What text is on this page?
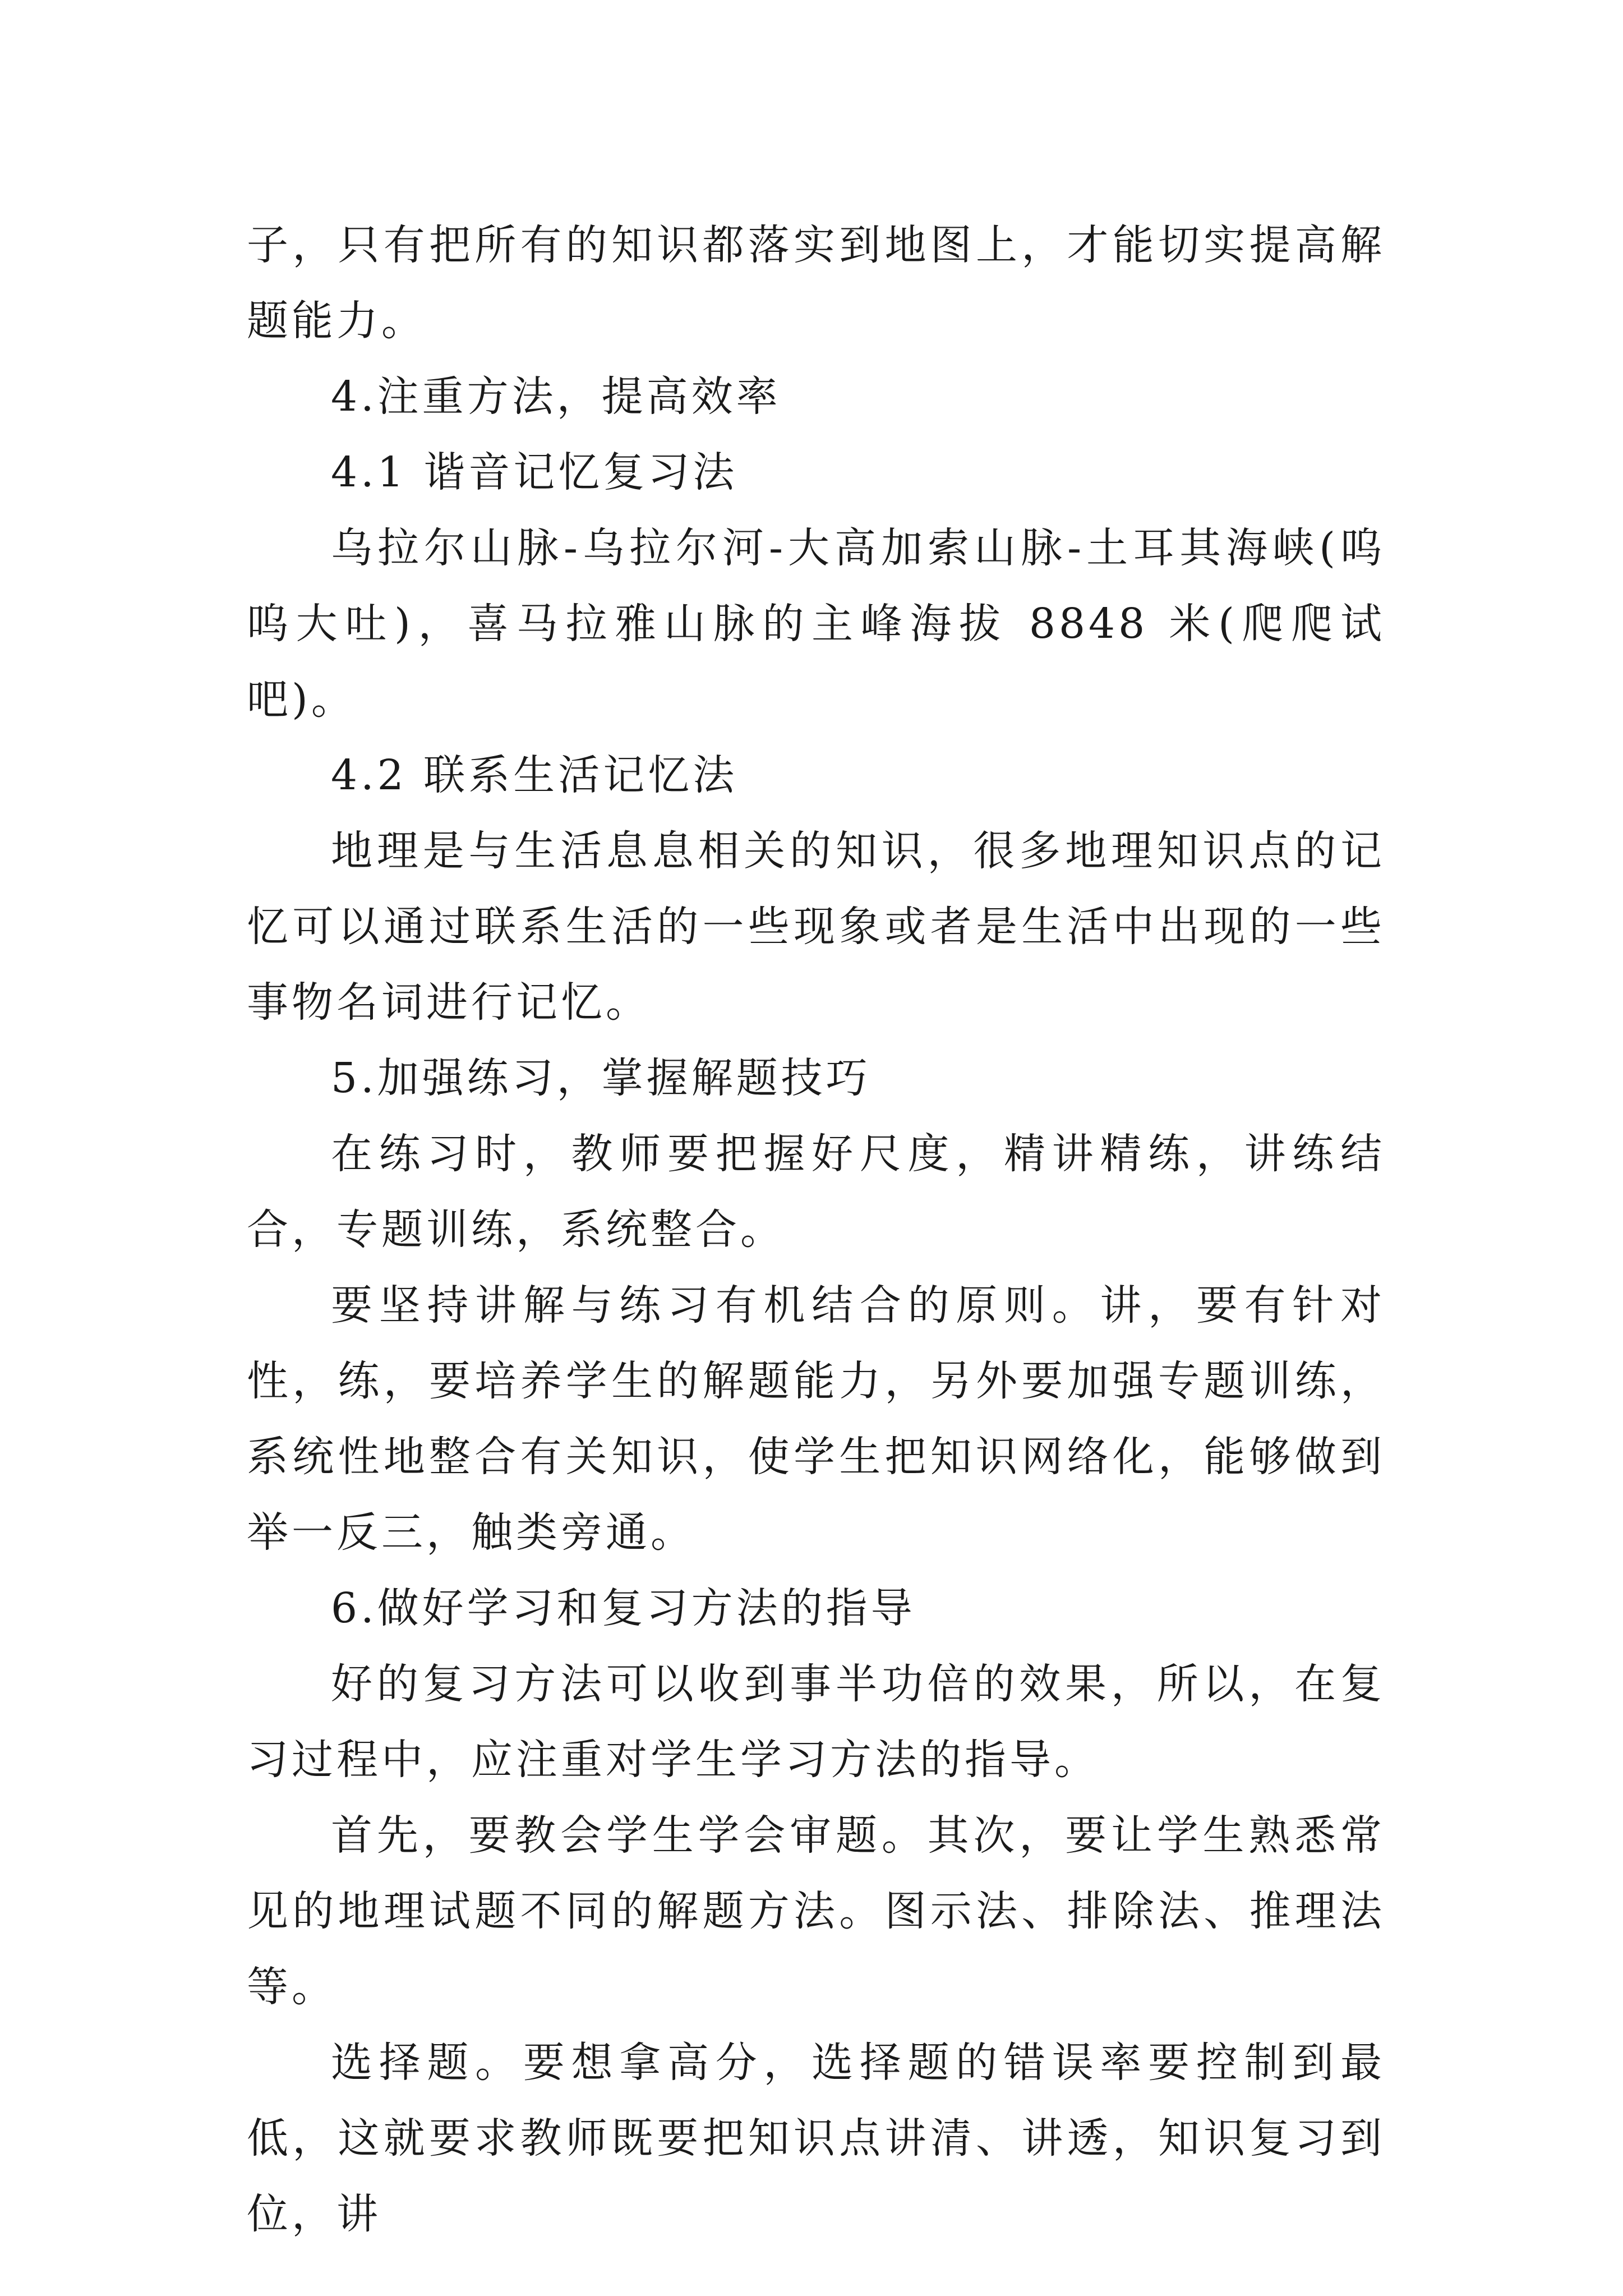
子，只有把所有的知识都落实到地图上，才能切实提高解题能力。

4.注重方法，提高效率

4.1 谐音记忆复习法

乌拉尔山脉-乌拉尔河-大高加索山脉-土耳其海峡(呜呜大吐)，喜马拉雅山脉的主峰海拔 8848 米(爬爬试吧)。

4.2 联系生活记忆法

地理是与生活息息相关的知识，很多地理知识点的记忆可以通过联系生活的一些现象或者是生活中出现的一些事物名词进行记忆。

5.加强练习，掌握解题技巧

在练习时，教师要把握好尺度，精讲精练，讲练结合，专题训练，系统整合。

要坚持讲解与练习有机结合的原则。讲，要有针对性，练，要培养学生的解题能力，另外要加强专题训练，系统性地整合有关知识，使学生把知识网络化，能够做到举一反三，触类旁通。

6.做好学习和复习方法的指导

好的复习方法可以收到事半功倍的效果，所以，在复习过程中，应注重对学生学习方法的指导。

首先，要教会学生学会审题。其次，要让学生熟悉常见的地理试题不同的解题方法。图示法、排除法、推理法等。

选择题。要想拿高分，选择题的错误率要控制到最低，这就要求教师既要把知识点讲清、讲透，知识复习到位，讲
